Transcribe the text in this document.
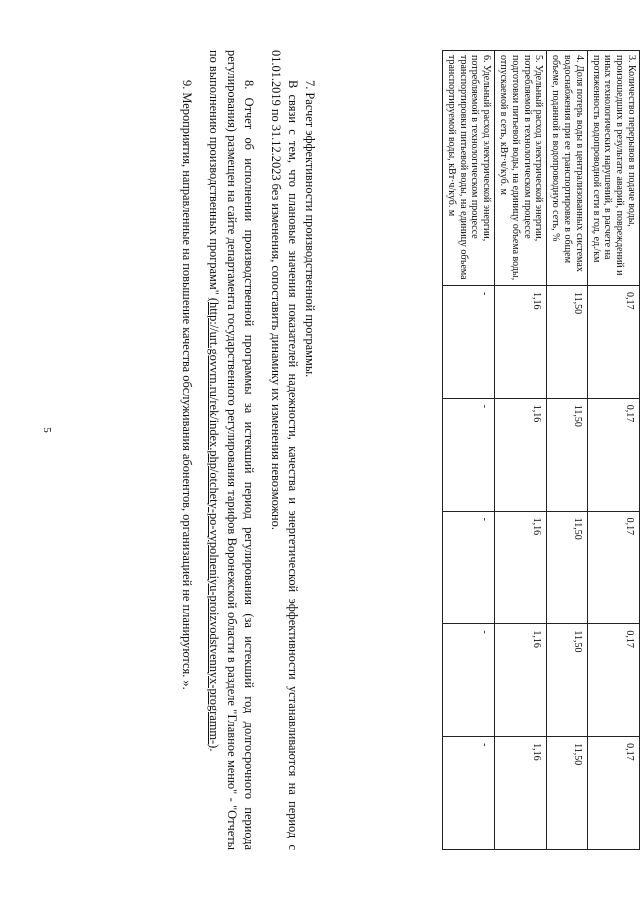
5
3. Количество перерывов в подаче воды, произошедших в результате аварий, повреждений и иных технологических нарушений, в расчете на протяженность водопроводной сети в год, ед./км	0,17	0,17	0,17	0,17	0,17
4. Доля потерь воды в централизованных системах водоснабжения при ее транспортировке в общем объеме, поданной в водопроводную сеть, %	11,50	11,50	11,50	11,50	11,50
5. Удельный расход электрической энергии, потребляемой в технологическом процессе подготовки питьевой воды, на единицу объема воды, отпускаемой в сеть, кВт·ч/куб. м	1,16	1,16	1,16	1,16	1,16
6. Удельный расход электрической энергии, потребляемой в технологическом процессе транспортировки питьевой воды, на единицу объема транспортируемой воды, кВт·ч/куб. м	-	-	-	-	-

7. Расчет эффективности производственной программы.

В связи с тем, что плановые значения показателей надежности, качества и энергетической эффективности устанавливаются на период с 01.01.2019 по 31.12.2023 без изменения, сопоставить динамику их изменения невозможно.

8. Отчет об исполнении производственной программы за истекший период регулирования (за истекший год долгосрочного периода регулирования) размещен на сайте департамента государственного регулирования тарифов Воронежской области в разделе "Главное меню" - "Отчеты по выполнению производственных программ" (http://urt.govvrn.ru/rek/index.php/otchety-po-vypolneniyu-proizvodstvennyx-programm-).

9. Мероприятия, направленные на повышение качества обслуживания абонентов, организацией не планируются. ».
